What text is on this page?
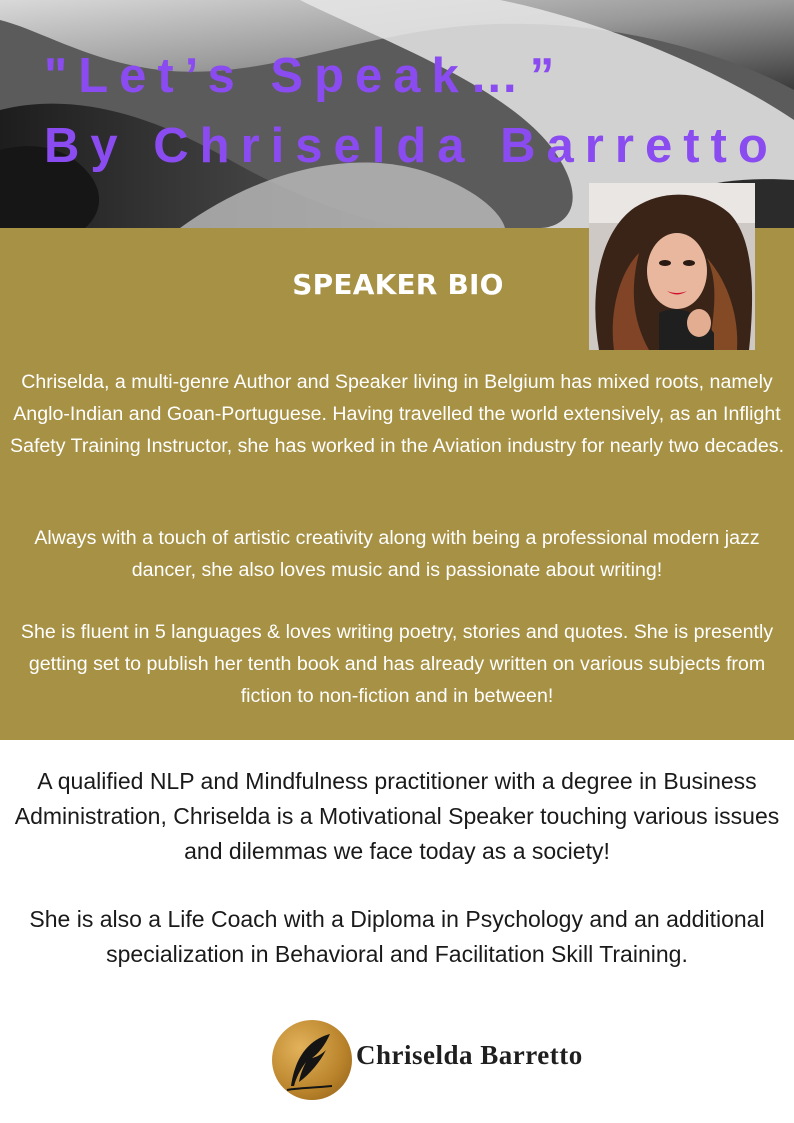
"Let’s Speak…”

By Chriselda Barretto

SPEAKER BIO

Chriselda, a multi-genre Author and Speaker living in Belgium has mixed roots, namely Anglo-Indian and Goan-Portuguese. Having travelled the world extensively, as an Inflight Safety Training Instructor, she has worked in the Aviation industry for nearly two decades.

Always with a touch of artistic creativity along with being a professional modern jazz dancer, she also loves music and is passionate about writing!

She is fluent in 5 languages & loves writing poetry, stories and quotes. She is presently getting set to publish her tenth book and has already written on various subjects from fiction to non-fiction and in between!

A qualified NLP and Mindfulness practitioner with a degree in Business Administration, Chriselda is a Motivational Speaker touching various issues and dilemmas we face today as a society!

She is also a Life Coach with a Diploma in Psychology and an additional specialization in Behavioral and Facilitation Skill Training.

Chriselda Barretto
